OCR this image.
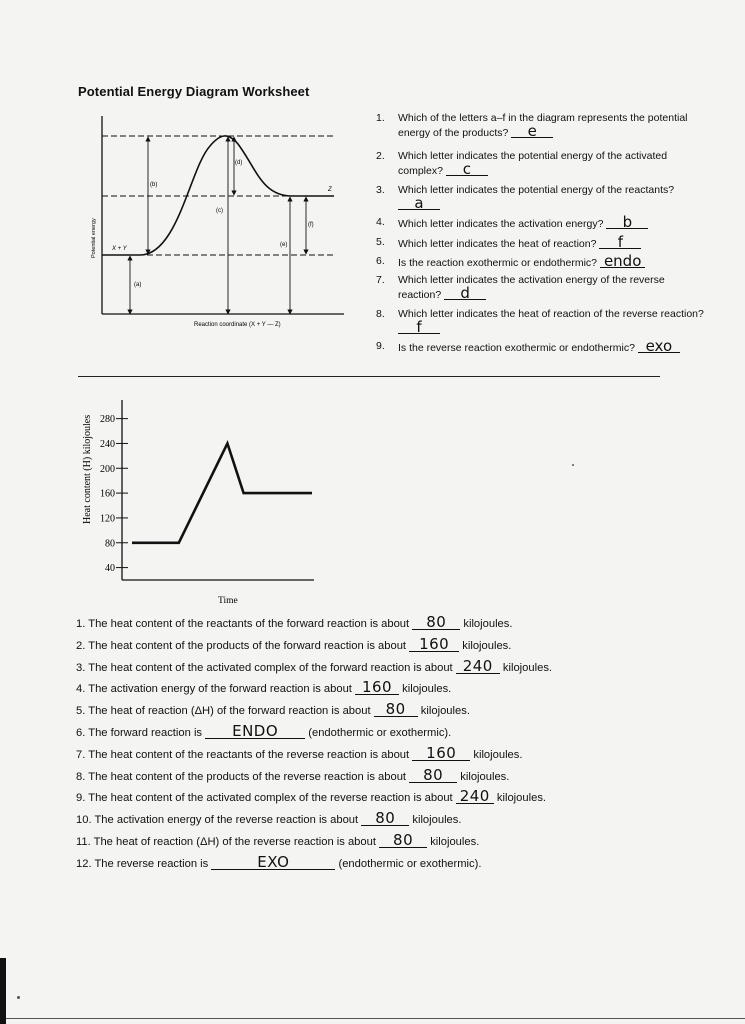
Potential Energy Diagram Worksheet
(a)
(b)
(c)
(d)
(e)
(f)
X + Y
Z
Potential energy
Reaction coordinate (X + Y — Z)
1. Which of the letters a–f in the diagram represents the potential energy of the products? e
2. Which letter indicates the potential energy of the activated complex? c
3. Which letter indicates the potential energy of the reactants? a
4. Which letter indicates the activation energy? b
5. Which letter indicates the heat of reaction? f
6. Is the reaction exothermic or endothermic? endo
7. Which letter indicates the activation energy of the reverse reaction? d
8. Which letter indicates the heat of reaction of the reverse reaction? f
9. Is the reverse reaction exothermic or endothermic? exo
40
80
120
160
200
240
280
Heat content (H) kilojoules
Time
1. The heat content of the reactants of the forward reaction is about 80 kilojoules.
2. The heat content of the products of the forward reaction is about 160 kilojoules.
3. The heat content of the activated complex of the forward reaction is about 240 kilojoules.
4. The activation energy of the forward reaction is about 160 kilojoules.
5. The heat of reaction (ΔH) of the forward reaction is about 80 kilojoules.
6. The forward reaction is ENDO	(endothermic or exothermic).
7. The heat content of the reactants of the reverse reaction is about 160 kilojoules.
8. The heat content of the products of the reverse reaction is about 80 kilojoules.
9. The heat content of the activated complex of the reverse reaction is about 240 kilojoules.
10. The activation energy of the reverse reaction is about 80 kilojoules.
11. The heat of reaction (ΔH) of the reverse reaction is about 80 kilojoules.
12. The reverse reaction is	EXO	(endothermic or exothermic).
